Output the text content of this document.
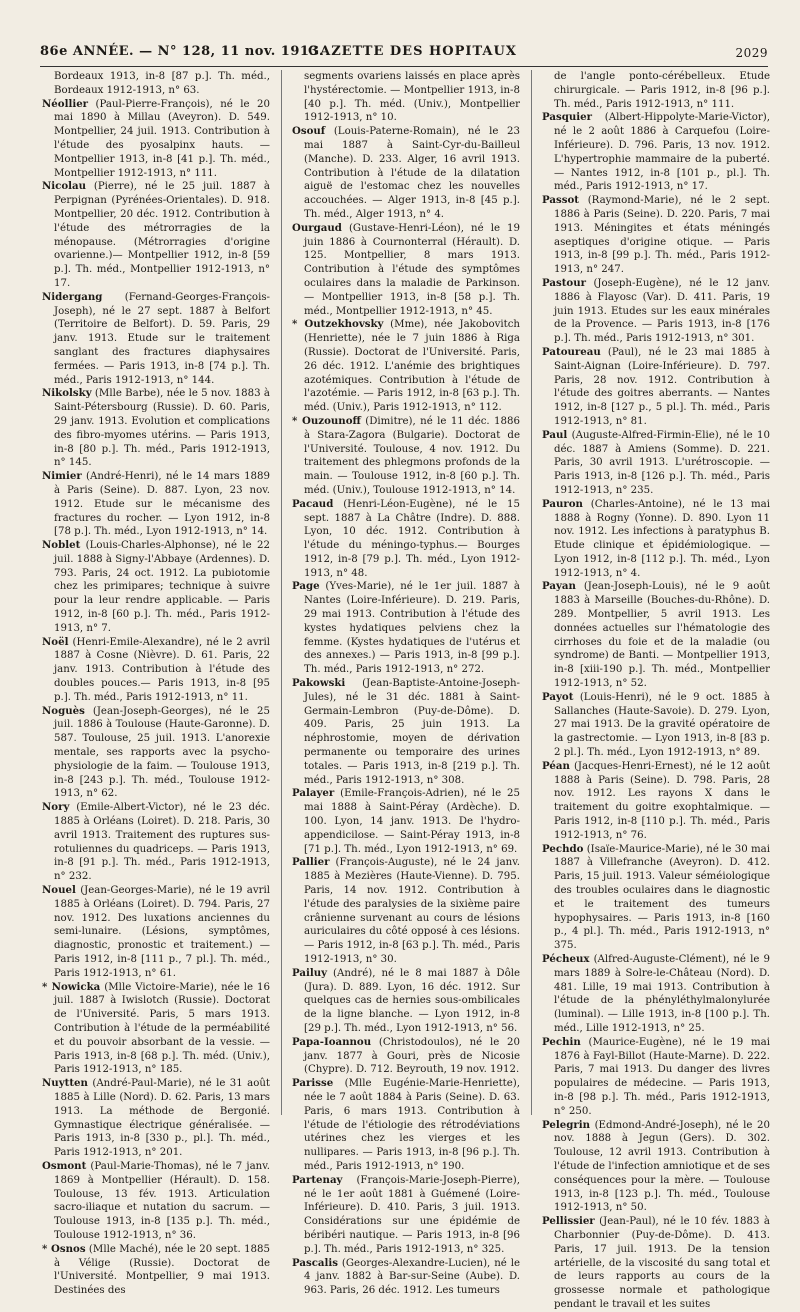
86e ANNÉE. — N° 128, 11 nov. 1913.
GAZETTE DES HOPITAUX	2029

Bordeaux 1913, in-8 [87 p.]. Th. méd., Bordeaux 1912-1913, n° 63.

Néollier (Paul-Pierre-François), né le 20 mai 1890 à Millau (Aveyron). D. 549. Montpellier, 24 juil. 1913. Contribution à l'étude des pyosalpinx hauts. — Montpellier 1913, in-8 [41 p.]. Th. méd., Montpellier 1912-1913, n° 111.

Nicolau (Pierre), né le 25 juil. 1887 à Perpignan (Pyrénées-Orientales). D. 918. Montpellier, 20 déc. 1912. Contribution à l'étude des métrorragies de la ménopause. (Métrorragies d'origine ovarienne.)— Montpellier 1912, in-8 [59 p.]. Th. méd., Montpellier 1912-1913, n° 17.

Nidergang (Fernand-Georges-François-Joseph), né le 27 sept. 1887 à Belfort (Territoire de Belfort). D. 59. Paris, 29 janv. 1913. Etude sur le traitement sanglant des fractures diaphysaires fermées. — Paris 1913, in-8 [74 p.]. Th. méd., Paris 1912-1913, n° 144.

Nikolsky (Mlle Barbe), née le 5 nov. 1883 à Saint-Pétersbourg (Russie). D. 60. Paris, 29 janv. 1913. Evolution et complications des fibro-myomes utérins. — Paris 1913, in-8 [80 p.]. Th. méd., Paris 1912-1913, n° 145.

Nimier (André-Henri), né le 14 mars 1889 à Paris (Seine). D. 887. Lyon, 23 nov. 1912. Etude sur le mécanisme des fractures du rocher. — Lyon 1912, in-8 [78 p.]. Th. méd., Lyon 1912-1913, n° 14.

Noblet (Louis-Charles-Alphonse), né le 22 juil. 1888 à Signy-l'Abbaye (Ardennes). D. 793. Paris, 24 oct. 1912. La pubiotomie chez les primipares; technique à suivre pour la leur rendre applicable. — Paris 1912, in-8 [60 p.]. Th. méd., Paris 1912-1913, n° 7.

Noël (Henri-Emile-Alexandre), né le 2 avril 1887 à Cosne (Nièvre). D. 61. Paris, 22 janv. 1913. Contribution à l'étude des doubles pouces.— Paris 1913, in-8 [95 p.]. Th. méd., Paris 1912-1913, n° 11.

Noguès (Jean-Joseph-Georges), né le 25 juil. 1886 à Toulouse (Haute-Garonne). D. 587. Toulouse, 25 juil. 1913. L'anorexie mentale, ses rapports avec la psycho-physiologie de la faim. — Toulouse 1913, in-8 [243 p.]. Th. méd., Toulouse 1912-1913, n° 62.

Nory (Emile-Albert-Victor), né le 23 déc. 1885 à Orléans (Loiret). D. 218. Paris, 30 avril 1913. Traitement des ruptures sus-rotuliennes du quadriceps. — Paris 1913, in-8 [91 p.]. Th. méd., Paris 1912-1913, n° 232.

Nouel (Jean-Georges-Marie), né le 19 avril 1885 à Orléans (Loiret). D. 794. Paris, 27 nov. 1912. Des luxations anciennes du semi-lunaire. (Lésions, symptômes, diagnostic, pronostic et traitement.) — Paris 1912, in-8 [111 p., 7 pl.]. Th. méd., Paris 1912-1913, n° 61.

* Nowicka (Mlle Victoire-Marie), née le 16 juil. 1887 à Iwislotch (Russie). Doctorat de l'Université. Paris, 5 mars 1913. Contribution à l'étude de la perméabilité et du pouvoir absorbant de la vessie. — Paris 1913, in-8 [68 p.]. Th. méd. (Univ.), Paris 1912-1913, n° 185.

Nuytten (André-Paul-Marie), né le 31 août 1885 à Lille (Nord). D. 62. Paris, 13 mars 1913. La méthode de Bergonié. Gymnastique électrique généralisée. — Paris 1913, in-8 [330 p., pl.]. Th. méd., Paris 1912-1913, n° 201.

Osmont (Paul-Marie-Thomas), né le 7 janv. 1869 à Montpellier (Hérault). D. 158. Toulouse, 13 fév. 1913. Articulation sacro-iliaque et nutation du sacrum. — Toulouse 1913, in-8 [135 p.]. Th. méd., Toulouse 1912-1913, n° 36.

* Osnos (Mlle Maché), née le 20 sept. 1885 à Vélige (Russie). Doctorat de l'Université. Montpellier, 9 mai 1913. Destinées des

segments ovariens laissés en place après l'hystérectomie. — Montpellier 1913, in-8 [40 p.]. Th. méd. (Univ.), Montpellier 1912-1913, n° 10.

Osouf (Louis-Paterne-Romain), né le 23 mai 1887 à Saint-Cyr-du-Bailleul (Manche). D. 233. Alger, 16 avril 1913. Contribution à l'étude de la dilatation aiguë de l'estomac chez les nouvelles accouchées. — Alger 1913, in-8 [45 p.]. Th. méd., Alger 1913, n° 4.

Ourgaud (Gustave-Henri-Léon), né le 19 juin 1886 à Cournonterral (Hérault). D. 125. Montpellier, 8 mars 1913. Contribution à l'étude des symptômes oculaires dans la maladie de Parkinson. — Montpellier 1913, in-8 [58 p.]. Th. méd., Montpellier 1912-1913, n° 45.

* Outzekhovsky (Mme), née Jakobovitch (Henriette), née le 7 juin 1886 à Riga (Russie). Doctorat de l'Université. Paris, 26 déc. 1912. L'anémie des brightiques azotémiques. Contribution à l'étude de l'azotémie. — Paris 1912, in-8 [63 p.]. Th. méd. (Univ.), Paris 1912-1913, n° 112.

* Ouzounoff (Dimitre), né le 11 déc. 1886 à Stara-Zagora (Bulgarie). Doctorat de l'Université. Toulouse, 4 nov. 1912. Du traitement des phlegmons profonds de la main. — Toulouse 1912, in-8 [60 p.]. Th. méd. (Univ.), Toulouse 1912-1913, n° 14.

Pacaud (Henri-Léon-Eugène), né le 15 sept. 1887 à La Châtre (Indre). D. 888. Lyon, 10 déc. 1912. Contribution à l'étude du méningo-typhus.— Bourges 1912, in-8 [79 p.]. Th. méd., Lyon 1912-1913, n° 48.

Page (Yves-Marie), né le 1er juil. 1887 à Nantes (Loire-Inférieure). D. 219. Paris, 29 mai 1913. Contribution à l'étude des kystes hydatiques pelviens chez la femme. (Kystes hydatiques de l'utérus et des annexes.) — Paris 1913, in-8 [99 p.]. Th. méd., Paris 1912-1913, n° 272.

Pakowski (Jean-Baptiste-Antoine-Joseph-Jules), né le 31 déc. 1881 à Saint-Germain-Lembron (Puy-de-Dôme). D. 409. Paris, 25 juin 1913. La néphrostomie, moyen de dérivation permanente ou temporaire des urines totales. — Paris 1913, in-8 [219 p.]. Th. méd., Paris 1912-1913, n° 308.

Palayer (Emile-François-Adrien), né le 25 mai 1888 à Saint-Péray (Ardèche). D. 100. Lyon, 14 janv. 1913. De l'hydro-appendicilose. — Saint-Péray 1913, in-8 [71 p.]. Th. méd., Lyon 1912-1913, n° 69.

Pallier (François-Auguste), né le 24 janv. 1885 à Mezières (Haute-Vienne). D. 795. Paris, 14 nov. 1912. Contribution à l'étude des paralysies de la sixième paire crânienne survenant au cours de lésions auriculaires du côté opposé à ces lésions. — Paris 1912, in-8 [63 p.]. Th. méd., Paris 1912-1913, n° 30.

Pailuy (André), né le 8 mai 1887 à Dôle (Jura). D. 889. Lyon, 16 déc. 1912. Sur quelques cas de hernies sous-ombilicales de la ligne blanche. — Lyon 1912, in-8 [29 p.]. Th. méd., Lyon 1912-1913, n° 56.

Papa-Ioannou (Christodoulos), né le 20 janv. 1877 à Gouri, près de Nicosie (Chypre). D. 712. Beyrouth, 19 nov. 1912.

Parisse (Mlle Eugénie-Marie-Henriette), née le 7 août 1884 à Paris (Seine). D. 63. Paris, 6 mars 1913. Contribution à l'étude de l'étiologie des rétrodéviations utérines chez les vierges et les nullipares. — Paris 1913, in-8 [96 p.]. Th. méd., Paris 1912-1913, n° 190.

Partenay (François-Marie-Joseph-Pierre), né le 1er août 1881 à Guémené (Loire-Inférieure). D. 410. Paris, 3 juil. 1913. Considérations sur une épidémie de béribéri nautique. — Paris 1913, in-8 [96 p.]. Th. méd., Paris 1912-1913, n° 325.

Pascalis (Georges-Alexandre-Lucien), né le 4 janv. 1882 à Bar-sur-Seine (Aube). D. 963. Paris, 26 déc. 1912. Les tumeurs

de l'angle ponto-cérébelleux. Etude chirurgicale. — Paris 1912, in-8 [96 p.]. Th. méd., Paris 1912-1913, n° 111.

Pasquier (Albert-Hippolyte-Marie-Victor), né le 2 août 1886 à Carquefou (Loire-Inférieure). D. 796. Paris, 13 nov. 1912. L'hypertrophie mammaire de la puberté. — Nantes 1912, in-8 [101 p., pl.]. Th. méd., Paris 1912-1913, n° 17.

Passot (Raymond-Marie), né le 2 sept. 1886 à Paris (Seine). D. 220. Paris, 7 mai 1913. Méningites et états méningés aseptiques d'origine otique. — Paris 1913, in-8 [99 p.]. Th. méd., Paris 1912-1913, n° 247.

Pastour (Joseph-Eugène), né le 12 janv. 1886 à Flayosc (Var). D. 411. Paris, 19 juin 1913. Etudes sur les eaux minérales de la Provence. — Paris 1913, in-8 [176 p.]. Th. méd., Paris 1912-1913, n° 301.

Patoureau (Paul), né le 23 mai 1885 à Saint-Aignan (Loire-Inférieure). D. 797. Paris, 28 nov. 1912. Contribution à l'étude des goitres aberrants. — Nantes 1912, in-8 [127 p., 5 pl.]. Th. méd., Paris 1912-1913, n° 81.

Paul (Auguste-Alfred-Firmin-Elie), né le 10 déc. 1887 à Amiens (Somme). D. 221. Paris, 30 avril 1913. L'urétroscopie. — Paris 1913, in-8 [126 p.]. Th. méd., Paris 1912-1913, n° 235.

Pauron (Charles-Antoine), né le 13 mai 1888 à Rogny (Yonne). D. 890. Lyon 11 nov. 1912. Les infections à paratyphus B. Etude clinique et épidémiologique. — Lyon 1912, in-8 [112 p.]. Th. méd., Lyon 1912-1913, n° 4.

Payan (Jean-Joseph-Louis), né le 9 août 1883 à Marseille (Bouches-du-Rhône). D. 289. Montpellier, 5 avril 1913. Les données actuelles sur l'hématologie des cirrhoses du foie et de la maladie (ou syndrome) de Banti. — Montpellier 1913, in-8 [xiii-190 p.]. Th. méd., Montpellier 1912-1913, n° 52.

Payot (Louis-Henri), né le 9 oct. 1885 à Sallanches (Haute-Savoie). D. 279. Lyon, 27 mai 1913. De la gravité opératoire de la gastrectomie. — Lyon 1913, in-8 [83 p. 2 pl.]. Th. méd., Lyon 1912-1913, n° 89.

Péan (Jacques-Henri-Ernest), né le 12 août 1888 à Paris (Seine). D. 798. Paris, 28 nov. 1912. Les rayons X dans le traitement du goitre exophtalmique. — Paris 1912, in-8 [110 p.]. Th. méd., Paris 1912-1913, n° 76.

Pechdo (Isaïe-Maurice-Marie), né le 30 mai 1887 à Villefranche (Aveyron). D. 412. Paris, 15 juil. 1913. Valeur séméiologique des troubles oculaires dans le diagnostic et le traitement des tumeurs hypophysaires. — Paris 1913, in-8 [160 p., 4 pl.]. Th. méd., Paris 1912-1913, n° 375.

Pécheux (Alfred-Auguste-Clément), né le 9 mars 1889 à Solre-le-Château (Nord). D. 481. Lille, 19 mai 1913. Contribution à l'étude de la phényléthylmalonylurée (luminal). — Lille 1913, in-8 [100 p.]. Th. méd., Lille 1912-1913, n° 25.

Pechin (Maurice-Eugène), né le 19 mai 1876 à Fayl-Billot (Haute-Marne). D. 222. Paris, 7 mai 1913. Du danger des livres populaires de médecine. — Paris 1913, in-8 [98 p.]. Th. méd., Paris 1912-1913, n° 250.

Pelegrin (Edmond-André-Joseph), né le 20 nov. 1888 à Jegun (Gers). D. 302. Toulouse, 12 avril 1913. Contribution à l'étude de l'infection amniotique et de ses conséquences pour la mère. — Toulouse 1913, in-8 [123 p.]. Th. méd., Toulouse 1912-1913, n° 50.

Pellissier (Jean-Paul), né le 10 fév. 1883 à Charbonnier (Puy-de-Dôme). D. 413. Paris, 17 juil. 1913. De la tension artérielle, de la viscosité du sang total et de leurs rapports au cours de la grossesse normale et pathologique pendant le travail et les suites
